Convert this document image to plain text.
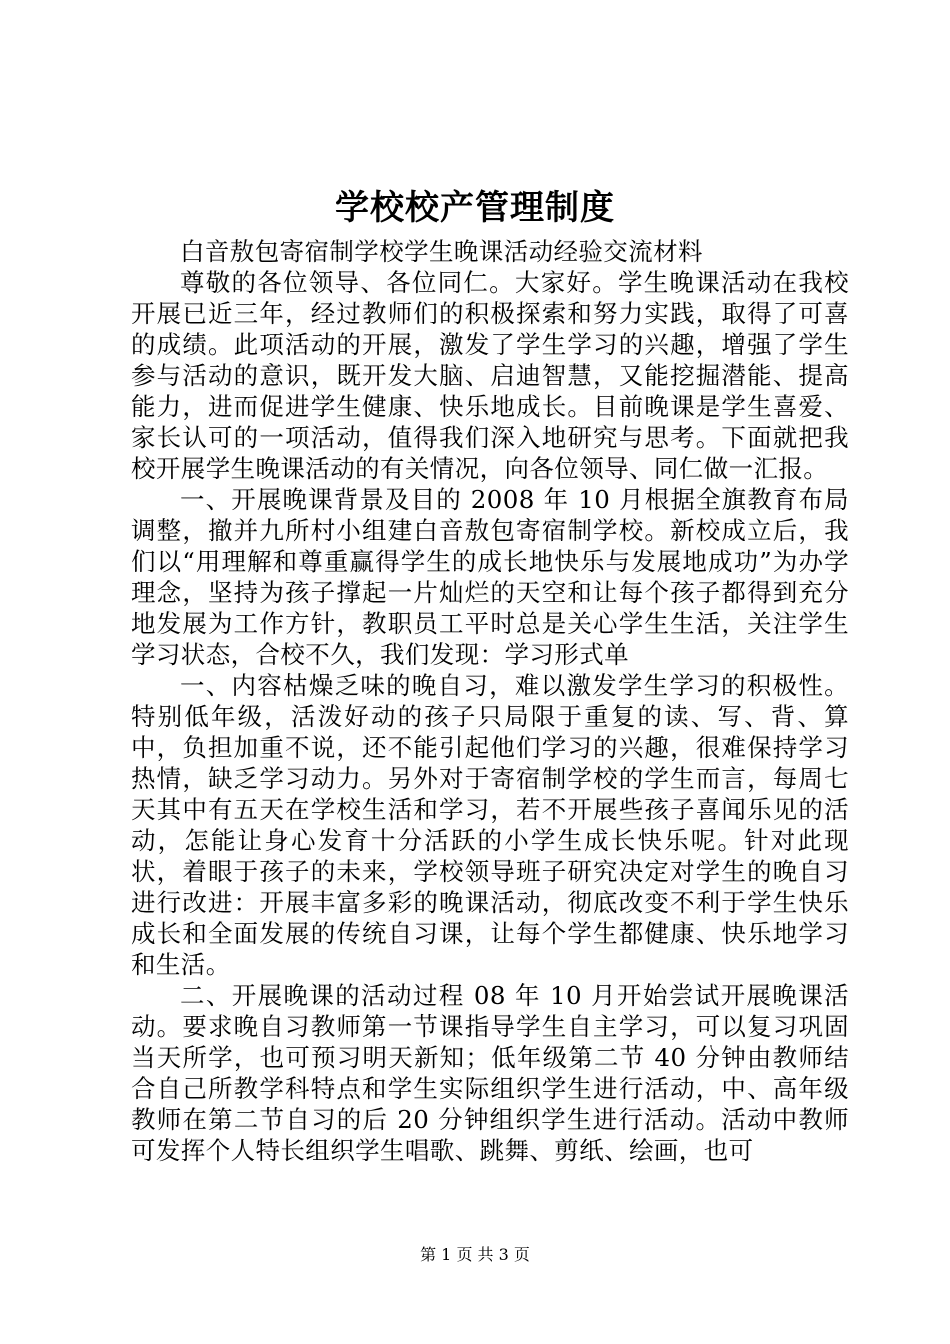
学校校产管理制度

白音敖包寄宿制学校学生晚课活动经验交流材料

尊敬的各位领导、各位同仁。大家好。学生晚课活动在我校开展已近三年，经过教师们的积极探索和努力实践，取得了可喜的成绩。此项活动的开展，激发了学生学习的兴趣，增强了学生参与活动的意识，既开发大脑、启迪智慧，又能挖掘潜能、提高能力，进而促进学生健康、快乐地成长。目前晚课是学生喜爱、家长认可的一项活动，值得我们深入地研究与思考。下面就把我校开展学生晚课活动的有关情况，向各位领导、同仁做一汇报。

一、开展晚课背景及目的 2008 年 10 月根据全旗教育布局调整，撤并九所村小组建白音敖包寄宿制学校。新校成立后，我们以“用理解和尊重赢得学生的成长地快乐与发展地成功”为办学理念，坚持为孩子撑起一片灿烂的天空和让每个孩子都得到充分地发展为工作方针，教职员工平时总是关心学生生活，关注学生学习状态，合校不久，我们发现：学习形式单

一、内容枯燥乏味的晚自习，难以激发学生学习的积极性。特别低年级，活泼好动的孩子只局限于重复的读、写、背、算中，负担加重不说，还不能引起他们学习的兴趣，很难保持学习热情，缺乏学习动力。另外对于寄宿制学校的学生而言，每周七天其中有五天在学校生活和学习，若不开展些孩子喜闻乐见的活动，怎能让身心发育十分活跃的小学生成长快乐呢。针对此现状，着眼于孩子的未来，学校领导班子研究决定对学生的晚自习进行改进：开展丰富多彩的晚课活动，彻底改变不利于学生快乐成长和全面发展的传统自习课，让每个学生都健康、快乐地学习和生活。

二、开展晚课的活动过程 08 年 10 月开始尝试开展晚课活动。要求晚自习教师第一节课指导学生自主学习，可以复习巩固当天所学，也可预习明天新知；低年级第二节 40 分钟由教师结合自己所教学科特点和学生实际组织学生进行活动，中、高年级教师在第二节自习的后 20 分钟组织学生进行活动。活动中教师可发挥个人特长组织学生唱歌、跳舞、剪纸、绘画，也可

第 1 页 共 3 页
